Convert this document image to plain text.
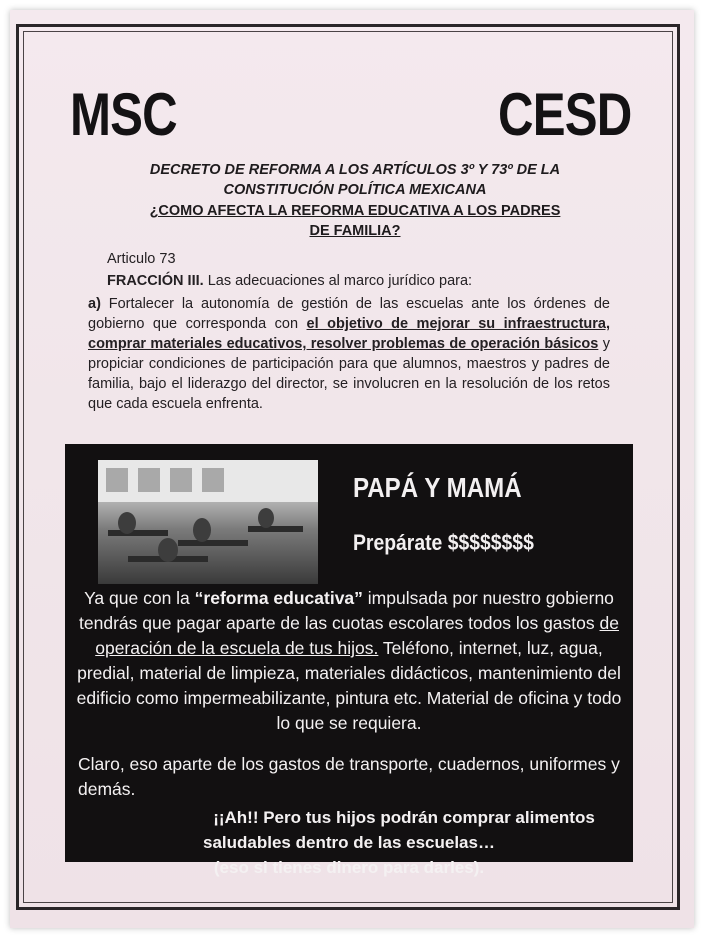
MSC	CESD
DECRETO DE REFORMA A LOS ARTÍCULOS 3º Y 73º DE LA
CONSTITUCIÓN POLÍTICA MEXICANA
¿COMO AFECTA LA REFORMA EDUCATIVA A LOS PADRES
DE FAMILIA?
Articulo 73
FRACCIÓN III. Las adecuaciones al marco jurídico para:
a) Fortalecer la autonomía de gestión de las escuelas ante los órdenes de gobierno que corresponda con el objetivo de mejorar su infraestructura, comprar materiales educativos, resolver problemas de operación básicos y propiciar condiciones de participación para que alumnos, maestros y padres de familia, bajo el liderazgo del director, se involucren en la resolución de los retos que cada escuela enfrenta.
PAPÁ Y MAMÁ
Prepárate $$$$$$$$
Ya que con la “reforma educativa” impulsada por nuestro gobierno tendrás que pagar aparte de las cuotas escolares todos los gastos de operación de la escuela de tus hijos. Teléfono, internet, luz, agua, predial, material de limpieza, materiales didácticos, mantenimiento del edificio como impermeabilizante, pintura etc. Material de oficina y todo lo que se requiera.
Claro, eso aparte de los gastos de transporte, cuadernos, uniformes y demás.
¡¡Ah!! Pero tus hijos podrán comprar alimentos
saludables dentro de las escuelas…
(eso si tienes dinero para darles).
